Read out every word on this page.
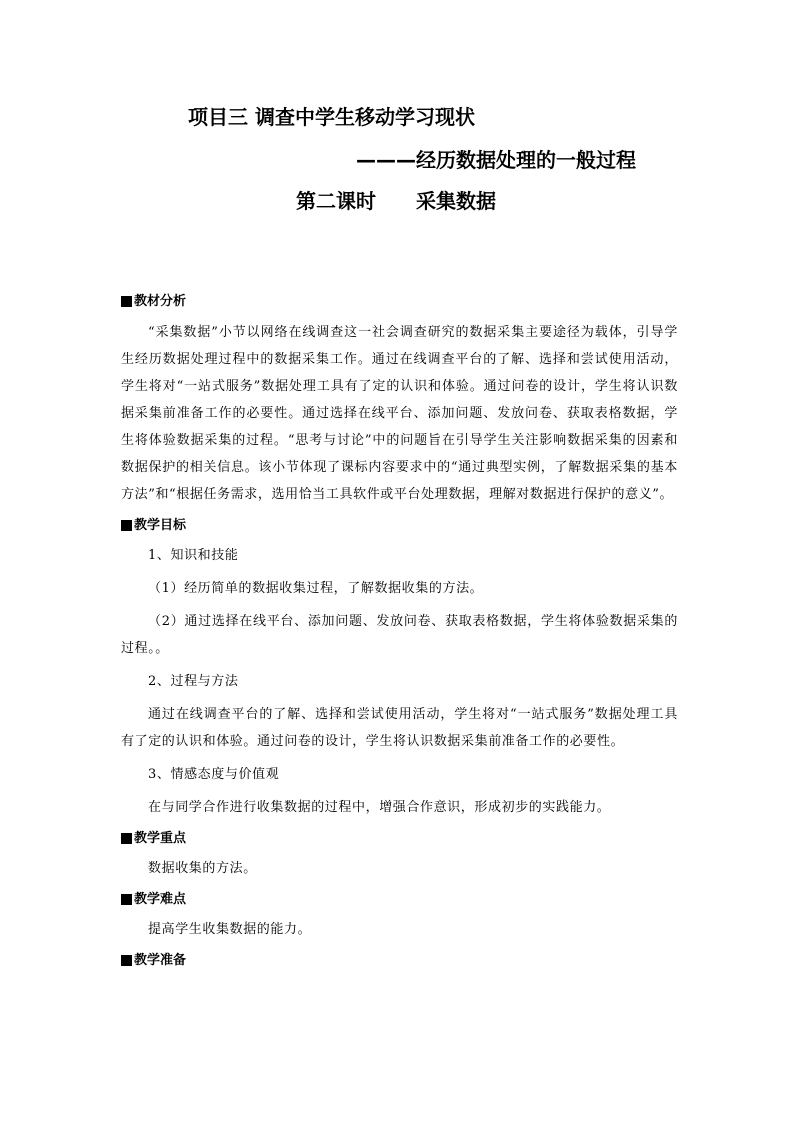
项目三 调查中学生移动学习现状
———经历数据处理的一般过程
第二课时 采集数据
教材分析

“采集数据”小节以网络在线调查这一社会调查研究的数据采集主要途径为载体，引导学生经历数据处理过程中的数据采集工作。通过在线调查平台的了解、选择和尝试使用活动，学生将对“一站式服务”数据处理工具有了定的认识和体验。通过问卷的设计，学生将认识数据采集前准备工作的必要性。通过选择在线平台、添加问题、发放问卷、获取表格数据，学生将体验数据采集的过程。“思考与讨论”中的问题旨在引导学生关注影响数据采集的因素和数据保护的相关信息。该小节体现了课标内容要求中的“通过典型实例，了解数据采集的基本方法”和“根据任务需求，选用恰当工具软件或平台处理数据，理解对数据进行保护的意义”。

教学目标

1、知识和技能

（1）经历简单的数据收集过程，了解数据收集的方法。

（2）通过选择在线平台、添加问题、发放问卷、获取表格数据，学生将体验数据采集的过程。。

2、过程与方法

通过在线调查平台的了解、选择和尝试使用活动，学生将对“一站式服务”数据处理工具有了定的认识和体验。通过问卷的设计，学生将认识数据采集前准备工作的必要性。

3、情感态度与价值观

在与同学合作进行收集数据的过程中，增强合作意识，形成初步的实践能力。

教学重点

数据收集的方法。

教学难点

提高学生收集数据的能力。

教学准备
